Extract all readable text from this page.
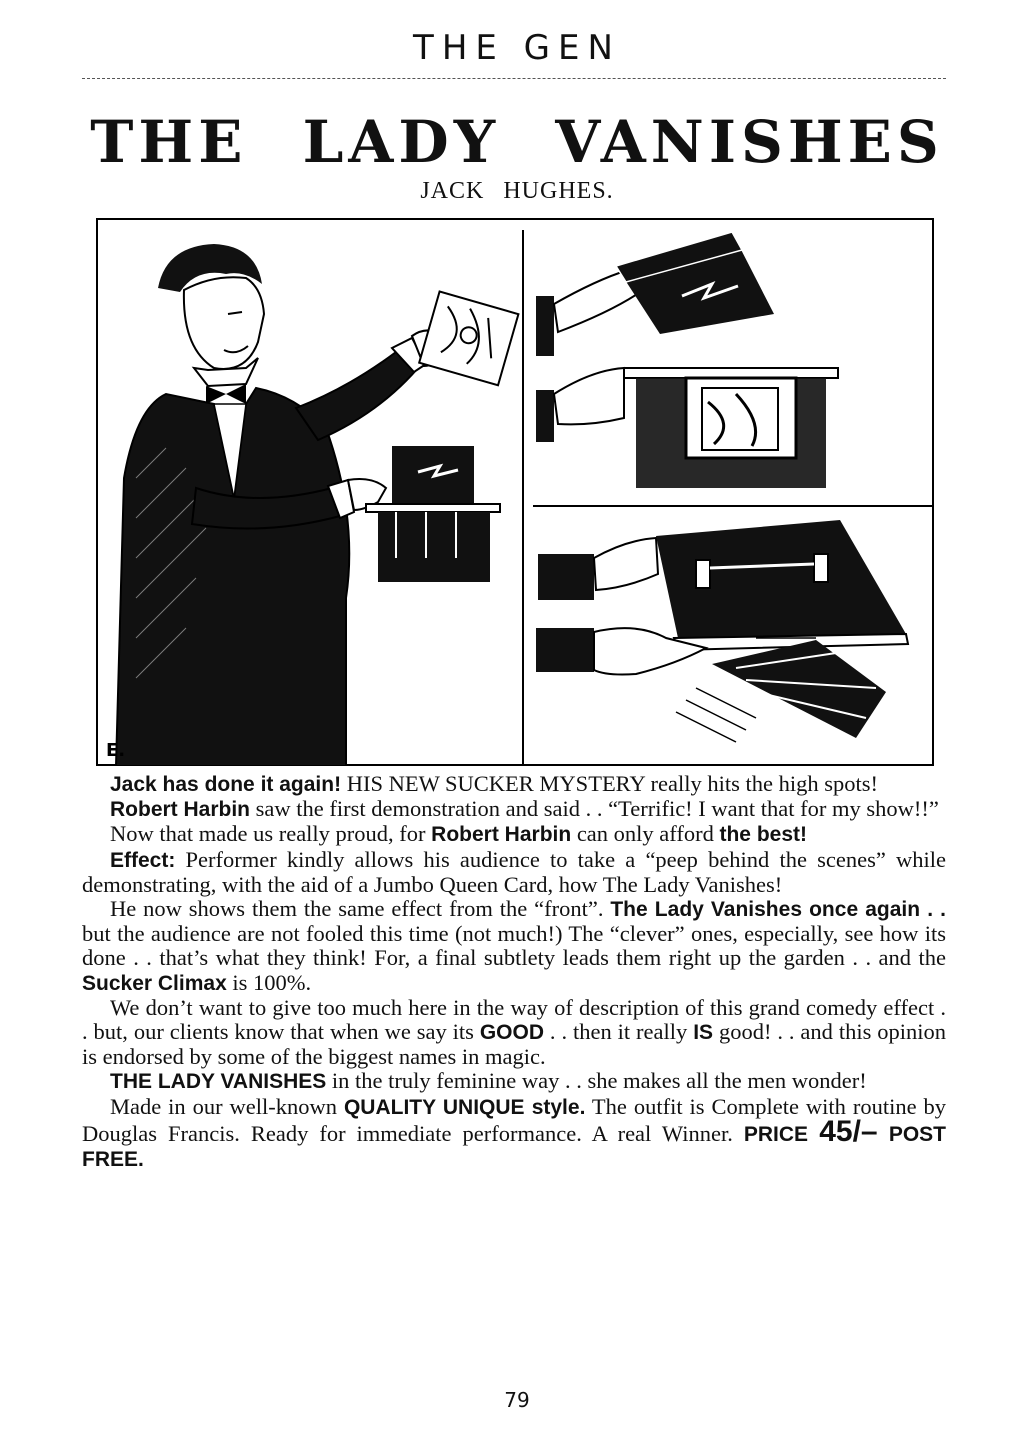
THE GEN
THE LADY VANISHES
JACK HUGHES.
E.

Jack has done it again! HIS NEW SUCKER MYSTERY really hits the high spots!

Robert Harbin saw the first demonstration and said . . “Terrific! I want that for my show!!”

Now that made us really proud, for Robert Harbin can only afford the best!

Effect: Performer kindly allows his audience to take a “peep behind the scenes” while demonstrating, with the aid of a Jumbo Queen Card, how The Lady Vanishes!

He now shows them the same effect from the “front”. The Lady Vanishes once again . . but the audience are not fooled this time (not much!) The “clever” ones, especially, see how its done . . that’s what they think! For, a final subtlety leads them right up the garden . . and the Sucker Climax is 100%.

We don’t want to give too much here in the way of description of this grand comedy effect . . but, our clients know that when we say its GOOD . . then it really IS good! . . and this opinion is endorsed by some of the biggest names in magic.

THE LADY VANISHES in the truly feminine way . . she makes all the men wonder!

Made in our well-known QUALITY UNIQUE style. The outfit is Complete with routine by Douglas Francis. Ready for immediate performance. A real Winner. PRICE 45/– POST FREE.

79
